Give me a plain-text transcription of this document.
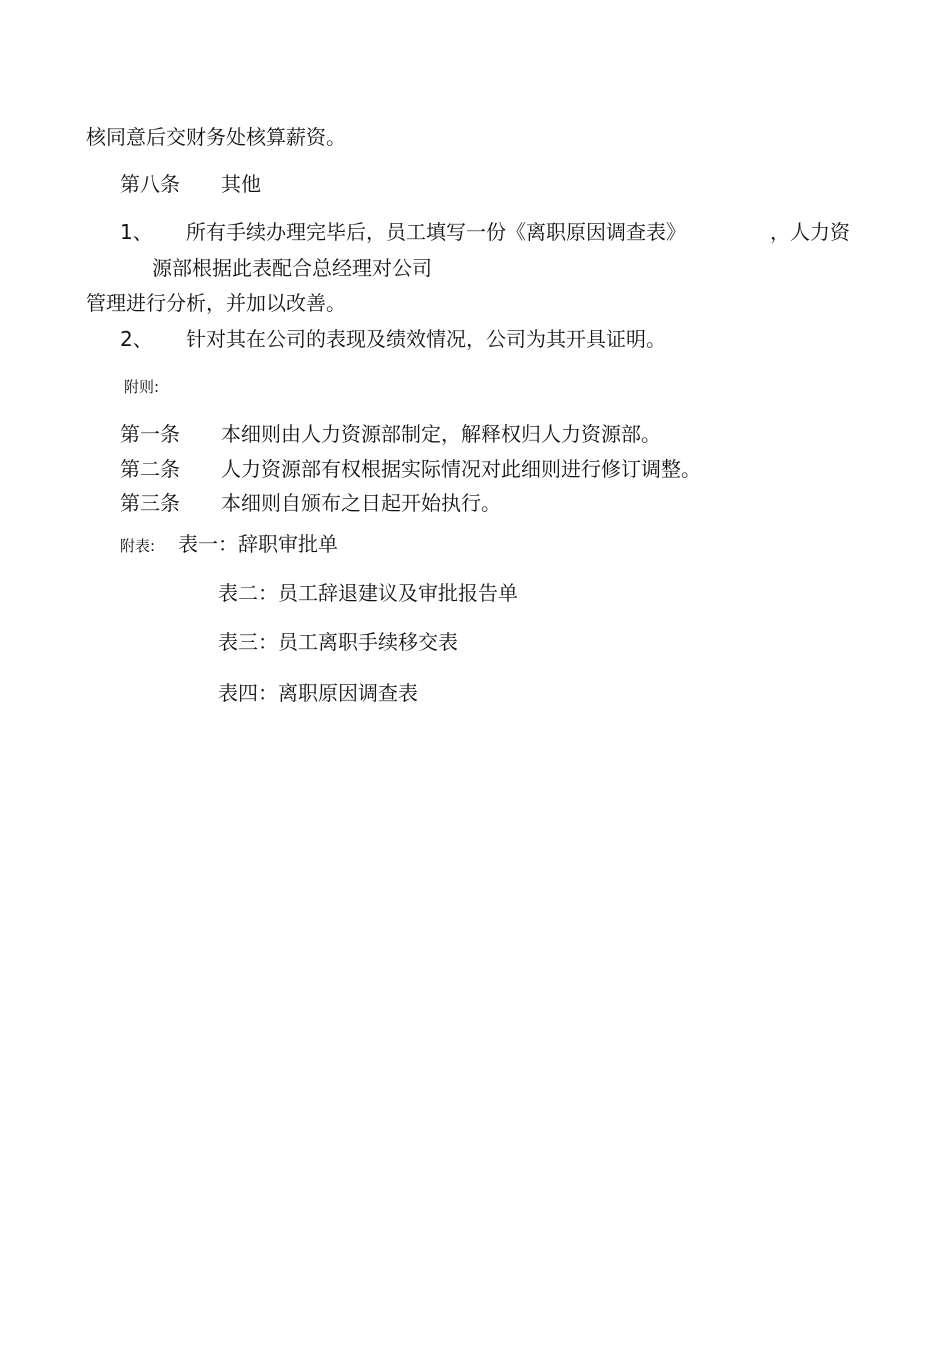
核同意后交财务处核算薪资。
第八条 其他
1、 所有手续办理完毕后，员工填写一份《离职原因调查表》	，人力资
源部根据此表配合总经理对公司
管理进行分析，并加以改善。
2、 针对其在公司的表现及绩效情况，公司为其开具证明。
附则:
第一条 本细则由人力资源部制定，解释权归人力资源部。
第二条 人力资源部有权根据实际情况对此细则进行修订调整。
第三条 本细则自颁布之日起开始执行。
附表: 表一：辞职审批单
表二：员工辞退建议及审批报告单
表三：员工离职手续移交表
表四：离职原因调查表
